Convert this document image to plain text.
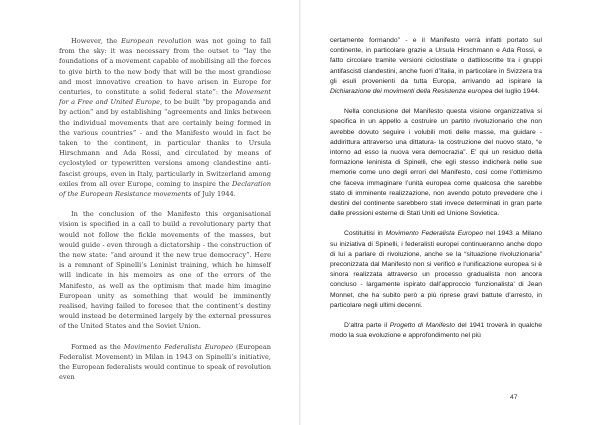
However, the European revolution was not going to fall from the sky: it was necessary from the outset to “lay the foundations of a movement capable of mobilising all the forces to give birth to the new body that will be the most grandiose and most innovative creation to have arisen in Europe for centuries, to constitute a solid federal state”: the Movement for a Free and United Europe, to be built “by propaganda and by action” and by establishing “agreements and links between the individual movements that are certainly being formed in the various countries” - and the Manifesto would in fact be taken to the continent, in particular thanks to Ursula Hirschmann and Ada Rossi, and circulated by means of cyclostyled or typewritten versions among clandestine anti-fascist groups, even in Italy, particularly in Switzerland among exiles from all over Europe, coming to inspire the Declaration of the European Resistance movements of July 1944.

In the conclusion of the Manifesto this organisational vision is specified in a call to build a revolutionary party that would not follow the fickle movements of the masses, but would guide - even through a dictatorship - the construction of the new state: “and around it the new true democracy”. Here is a remnant of Spinelli’s Leninist training, which he himself will indicate in his memoirs as one of the errors of the Manifesto, as well as the optimism that made him imagine European unity as something that would be imminently realised, having failed to foresee that the continent’s destiny would instead be determined largely by the external pressures of the United States and the Soviet Union.

Formed as the Movimento Federalista Europeo (European Federalist Movement) in Milan in 1943 on Spinelli’s initiative, the European federalists would continue to speak of revolution even

certamente formando” - e il Manifesto verrà infatti portato sul continente, in particolare grazie a Ursula Hirschmann e Ada Rossi, e fatto circolare tramite versioni ciclostilate o dattiloscritte tra i gruppi antifascisti clandestini, anche fuori d’Italia, in particolare in Svizzera tra gli esuli provenienti da tutta Europa, arrivando ad ispirare la Dichiarazione dei movimenti della Resistenza europea del luglio 1944.

Nella conclusione del Manifesto questa visione organizzativa si specifica in un appello a costruire un partito rivoluzionario che non avrebbe dovuto seguire i volubili moti delle masse, ma guidare - addirittura attraverso una dittatura- la costruzione del nuovo stato, “e intorno ad esso la nuova vera democrazia”. E’ qui un residuo della formazione leninista di Spinelli, che egli stesso indicherà nelle sue memorie come uno degli errori del Manifesto, così come l’ottimismo che faceva immaginare l’unità europea come qualcosa che sarebbe stato di imminente realizzazione, non avendo potuto prevedere che i destini del continente sarebbero stati invece determinati in gran parte dalle pressioni esterne di Stati Uniti ed Unione Sovietica.

Costituitisi in Movimento Federalista Europeo nel 1943 a Milano su iniziativa di Spinelli, i federalisti europei continueranno anche dopo di lui a parlare di rivoluzione, anche se la “situazione rivoluzionaria” preconizzata dal Manifesto non si verificò e l’unificazione europea si è sinora realizzata attraverso un processo gradualista non ancora concluso - largamente ispirato dall’approccio ‘funzionalista’ di Jean Monnet, che ha subito però a più riprese gravi battute d’arresto, in particolare negli ultimi decenni.

D’altra parte il Progetto di Manifesto del 1941 troverà in qualche modo la sua evoluzione e approfondimento nel più

47
